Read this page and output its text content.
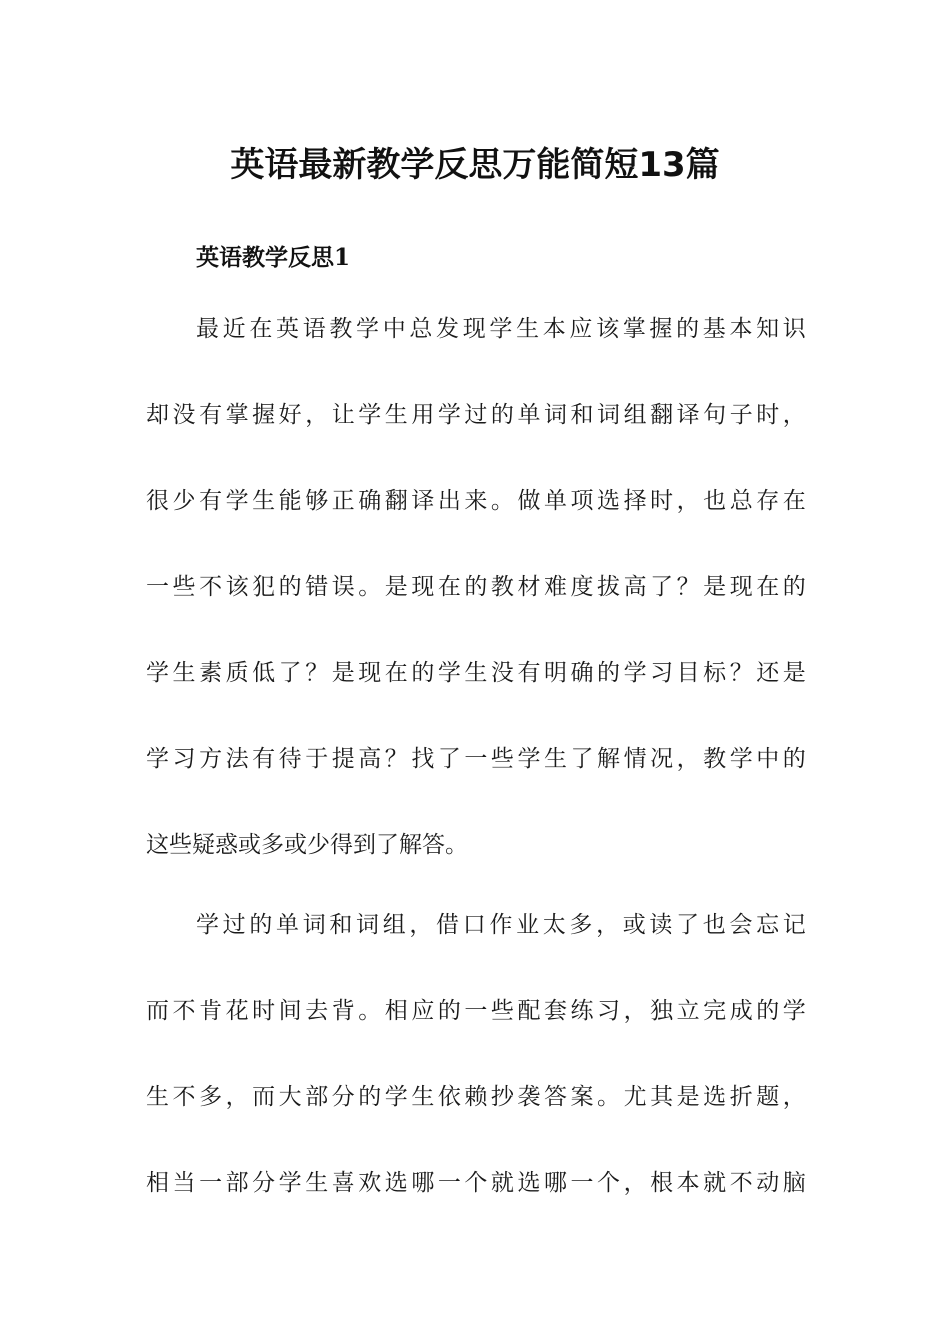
英语最新教学反思万能简短13篇
英语教学反思1
最 近 在 英 语 教 学 中 总 发 现 学 生 本 应 该 掌 握 的 基 本 知 识
却 没 有 掌 握 好 ， 让 学 生 用 学 过 的 单 词 和 词 组 翻 译 句 子 时 ，
很 少 有 学 生 能 够 正 确 翻 译 出 来 。 做 单 项 选 择 时 ， 也 总 存 在
一 些 不 该 犯 的 错 误 。 是 现 在 的 教 材 难 度 拔 高 了 ？ 是 现 在 的
学 生 素 质 低 了 ？ 是 现 在 的 学 生 没 有 明 确 的 学 习 目 标 ？ 还 是
学 习 方 法 有 待 于 提 高 ？ 找 了 一 些 学 生 了 解 情 况 ， 教 学 中 的
这些疑惑或多或少得到了解答。
学 过 的 单 词 和 词 组 ， 借 口 作 业 太 多 ， 或 读 了 也 会 忘 记
而 不 肯 花 时 间 去 背 。 相 应 的 一 些 配 套 练 习 ， 独 立 完 成 的 学
生 不 多 ， 而 大 部 分 的 学 生 依 赖 抄 袭 答 案 。 尤 其 是 选 折 题 ，
相 当 一 部 分 学 生 喜 欢 选 哪 一 个 就 选 哪 一 个 ， 根 本 就 不 动 脑
